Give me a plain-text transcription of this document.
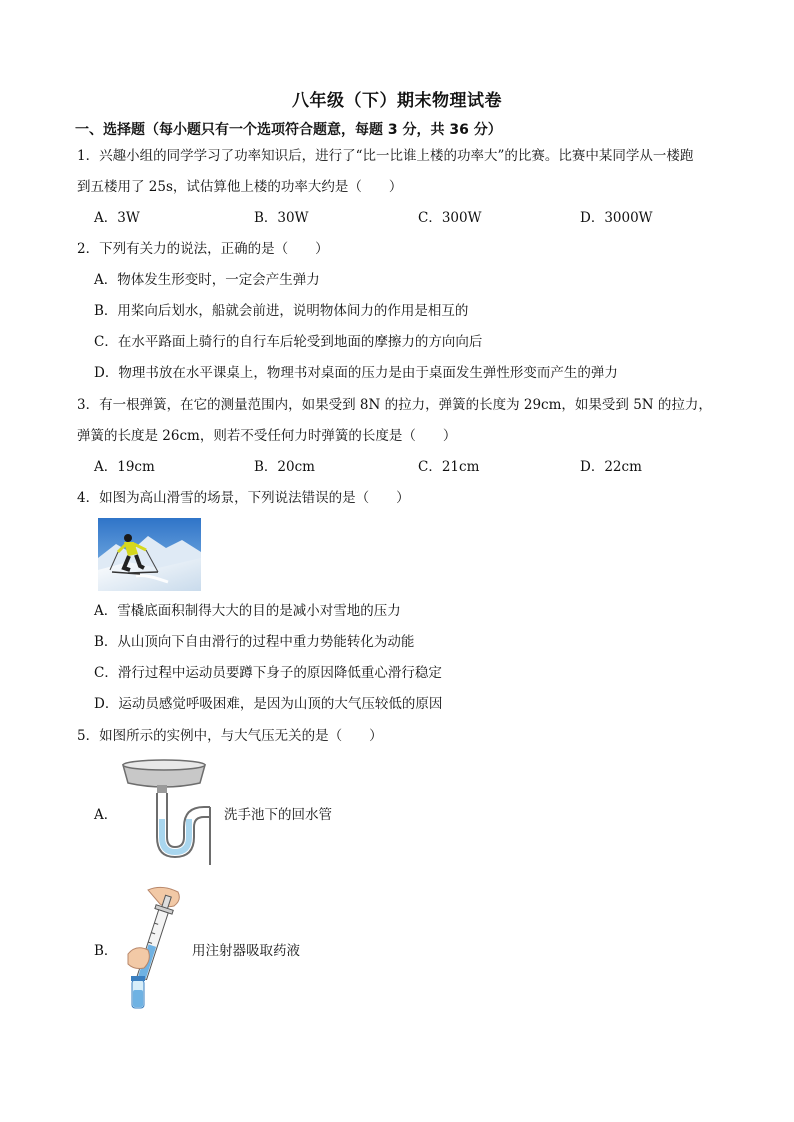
八年级（下）期末物理试卷
一、选择题（每小题只有一个选项符合题意，每题 3 分，共 36 分）
1．兴趣小组的同学学习了功率知识后，进行了“比一比谁上楼的功率大”的比赛。比赛中某同学从一楼跑
到五楼用了 25s，试估算他上楼的功率大约是（　　）
A．3W	B．30W	C．300W	D．3000W
2．下列有关力的说法，正确的是（　　）
A．物体发生形变时，一定会产生弹力
B．用桨向后划水，船就会前进，说明物体间力的作用是相互的
C．在水平路面上骑行的自行车后轮受到地面的摩擦力的方向向后
D．物理书放在水平课桌上，物理书对桌面的压力是由于桌面发生弹性形变而产生的弹力
3．有一根弹簧，在它的测量范围内，如果受到 8N 的拉力，弹簧的长度为 29cm，如果受到 5N 的拉力，
弹簧的长度是 26cm，则若不受任何力时弹簧的长度是（　　）
A．19cm	B．20cm	C．21cm	D．22cm
4．如图为高山滑雪的场景，下列说法错误的是（　　）
A．雪橇底面积制得大大的目的是减小对雪地的压力
B．从山顶向下自由滑行的过程中重力势能转化为动能
C．滑行过程中运动员要蹲下身子的原因降低重心滑行稳定
D．运动员感觉呼吸困难，是因为山顶的大气压较低的原因
5．如图所示的实例中，与大气压无关的是（　　）
A．	洗手池下的回水管
B．	用注射器吸取药液
